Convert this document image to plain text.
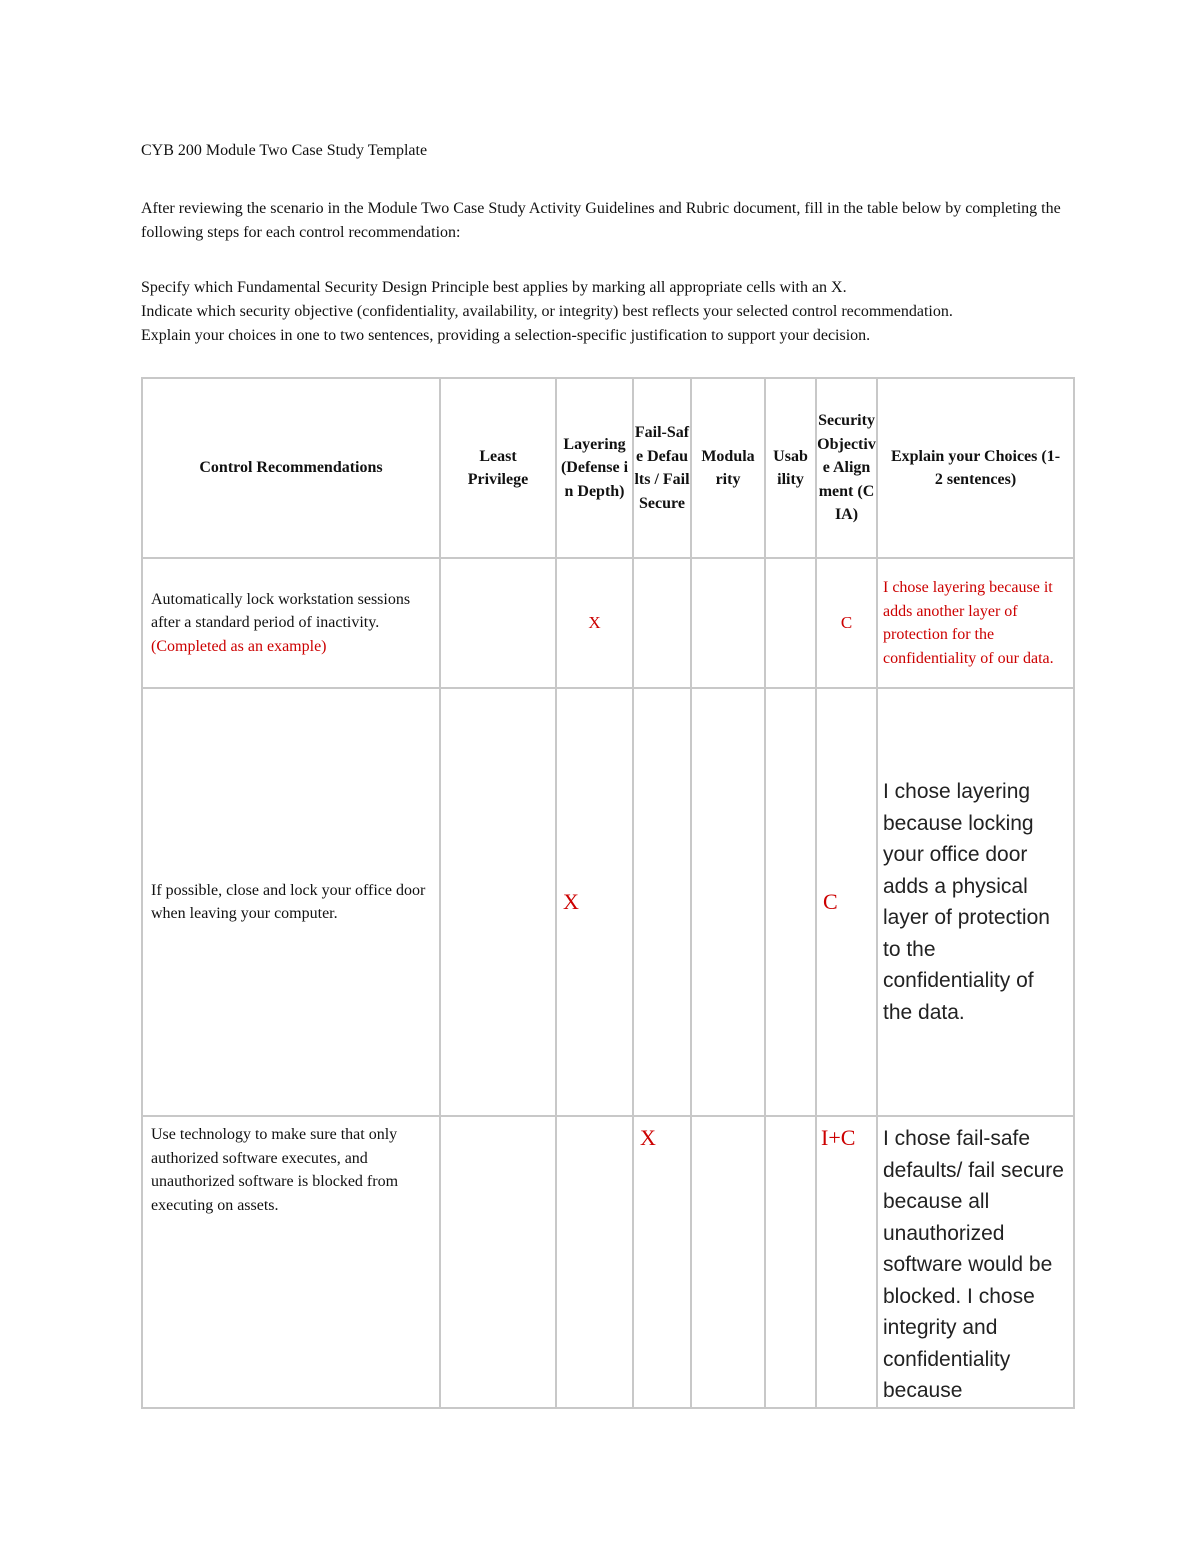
CYB 200 Module Two Case Study Template
After reviewing the scenario in the Module Two Case Study Activity Guidelines and Rubric document, fill in the table below by completing the following steps for each control recommendation:
Specify which Fundamental Security Design Principle best applies by marking all appropriate cells with an X.
Indicate which security objective (confidentiality, availability, or integrity) best reflects your selected control recommendation.
Explain your choices in one to two sentences, providing a selection-specific justification to support your decision.
Control Recommendations	Least Privilege	Layering (Defense in Depth)	Fail-Safe Defaults / Fail Secure	Modularity	Usability	Security Objective Alignment (CIA)	Explain your Choices (1-2 sentences)
Automatically lock workstation sessions after a standard period of inactivity. (Completed as an example)		X				C	I chose layering because it adds another layer of protection for the confidentiality of our data.
If possible, close and lock your office door when leaving your computer.		X				C	I chose layering because locking your office door adds a physical layer of protection to the confidentiality of the data.
Use technology to make sure that only authorized software executes, and unauthorized software is blocked from executing on assets.			X			I+C	I chose fail-safe defaults/ fail secure because all unauthorized software would be blocked. I chose integrity and confidentiality because
